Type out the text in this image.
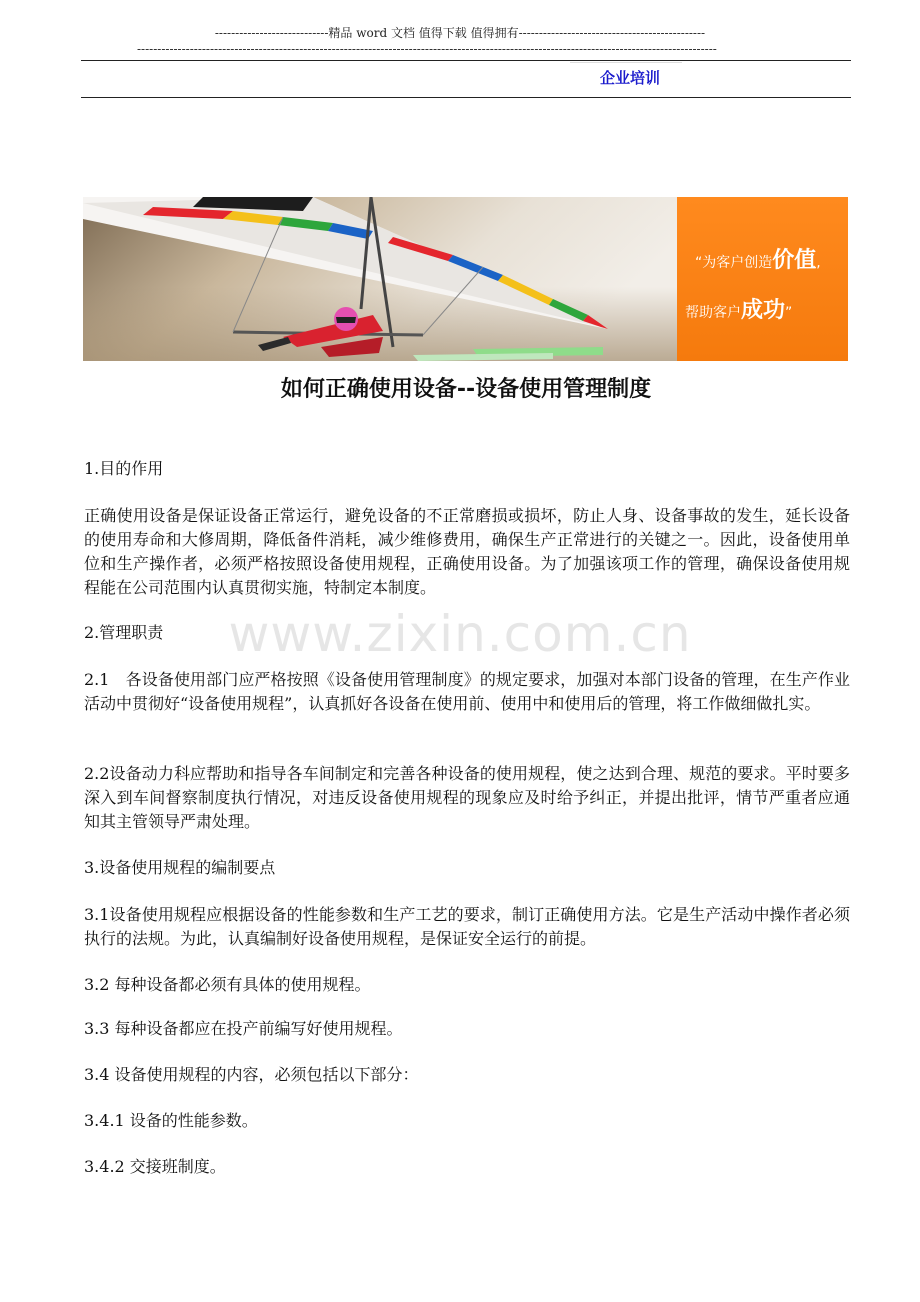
----------------------------精品 word 文档 值得下载 值得拥有----------------------------------------------
-----------------------------------------------------------------------------------------------------------------------------------------------
企业培训
“为客户创造价值,
帮助客户成功”
如何正确使用设备--设备使用管理制度
www.zixin.com.cn

1.目的作用

正确使用设备是保证设备正常运行，避免设备的不正常磨损或损坏，防止人身、设备事故的发生，延长设备的使用寿命和大修周期，降低备件消耗，减少维修费用，确保生产正常进行的关键之一。因此，设备使用单位和生产操作者，必须严格按照设备使用规程，正确使用设备。为了加强该项工作的管理，确保设备使用规程能在公司范围内认真贯彻实施，特制定本制度。

2.管理职责

2.1　各设备使用部门应严格按照《设备使用管理制度》的规定要求，加强对本部门设备的管理，在生产作业活动中贯彻好“设备使用规程”，认真抓好各设备在使用前、使用中和使用后的管理，将工作做细做扎实。

2.2设备动力科应帮助和指导各车间制定和完善各种设备的使用规程，使之达到合理、规范的要求。平时要多深入到车间督察制度执行情况，对违反设备使用规程的现象应及时给予纠正，并提出批评，情节严重者应通知其主管领导严肃处理。

3.设备使用规程的编制要点

3.1设备使用规程应根据设备的性能参数和生产工艺的要求，制订正确使用方法。它是生产活动中操作者必须执行的法规。为此，认真编制好设备使用规程，是保证安全运行的前提。

3.2 每种设备都必须有具体的使用规程。

3.3 每种设备都应在投产前编写好使用规程。

3.4 设备使用规程的内容，必须包括以下部分：

3.4.1 设备的性能参数。

3.4.2 交接班制度。
